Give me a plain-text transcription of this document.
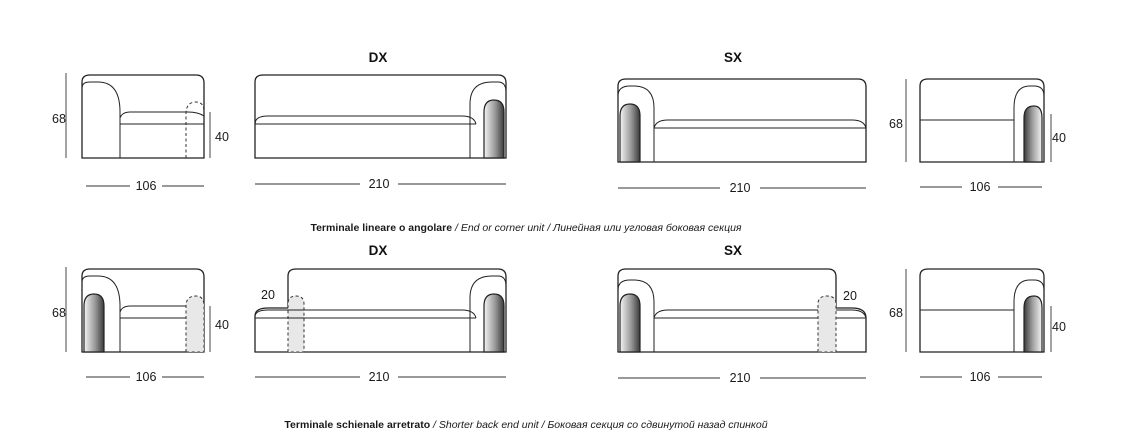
DX	SX
68
40
106	210	210
68
40
106
Terminale lineare o angolare / End or corner unit / Линейная или угловая боковая секция
DX	SX
68
40
106
20
210
20
210
68
40
106
Terminale schienale arretrato / Shorter back end unit / Боковая секция со сдвинутой назад спинкой
